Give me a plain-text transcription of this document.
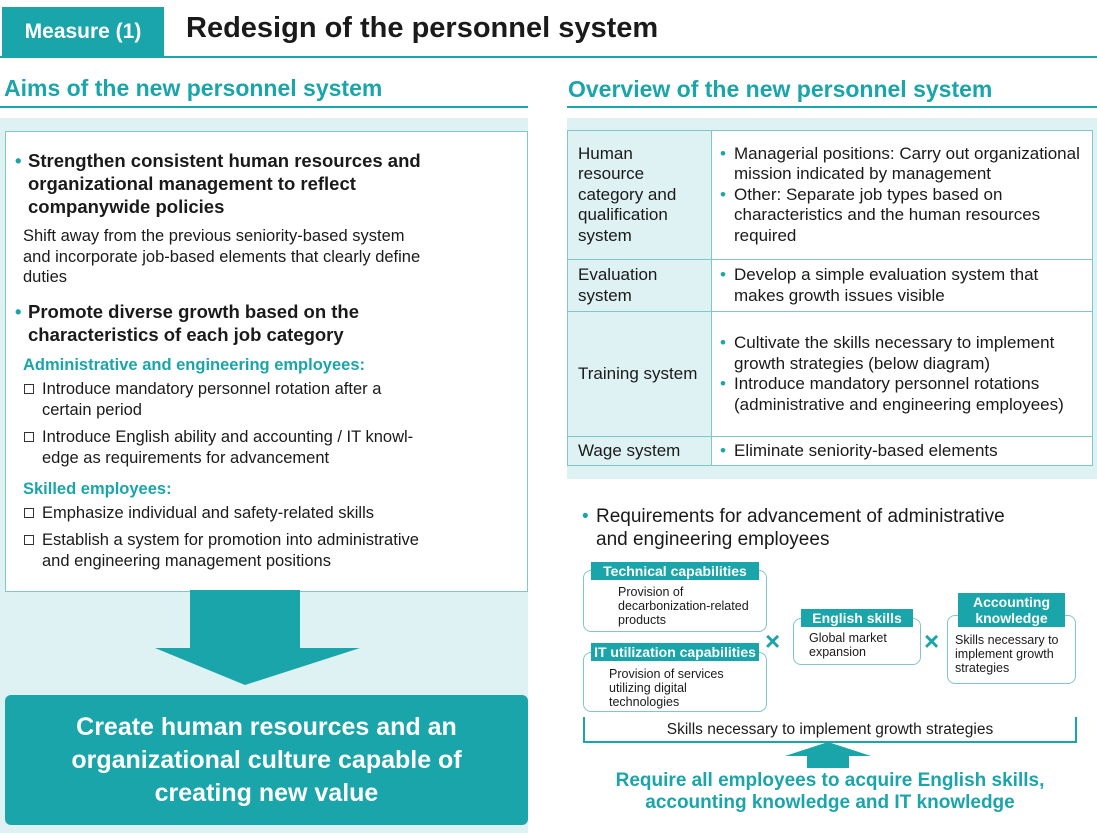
Measure (1)	Redesign of the personnel system
Aims of the new personnel system
• Strengthen consistent human resources and
organizational management to reflect
companywide policies
Shift away from the previous seniority-based system
and incorporate job-based elements that clearly define
duties
• Promote diverse growth based on the
characteristics of each job category
Administrative and engineering employees:
Introduce mandatory personnel rotation after a
certain period
Introduce English ability and accounting / IT knowl-
edge as requirements for advancement
Skilled employees:
Emphasize individual and safety-related skills
Establish a system for promotion into administrative
and engineering management positions
Create human resources and an
organizational culture capable of
creating new value
Overview of the new personnel system
Human resource category and qualification system	• Managerial positions: Carry out organizational mission indicated by management
• Other: Separate job types based on characteristics and the human resources required

Evaluation system	• Develop a simple evaluation system that makes growth issues visible

Training system	• Cultivate the skills necessary to implement growth strategies (below diagram)
• Introduce mandatory personnel rotations (administrative and engineering employees)

Wage system	• Eliminate seniority-based elements
• Requirements for advancement of administrative
and engineering employees
Provision of decarbonization-related products
Technical capabilities
Provision of services utilizing digital technologies
IT utilization capabilities × Global market expansion
English skills
× Skills necessary to implement growth strategies
Accounting knowledge
Skills necessary to implement growth strategies
Require all employees to acquire English skills,
accounting knowledge and IT knowledge
